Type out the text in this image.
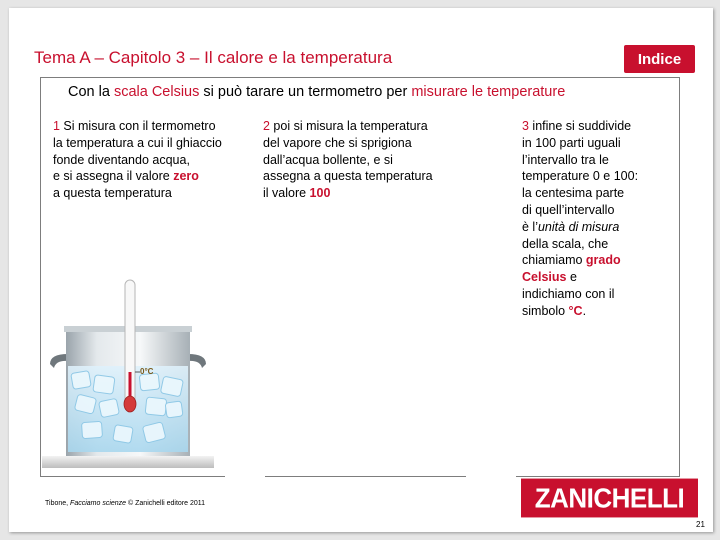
Tema A – Capitolo 3 – Il calore e la temperatura	Indice
Con la scala Celsius si può tarare un termometro per misurare le temperature
1 Si misura con il termometro
la temperatura a cui il ghiaccio
fonde diventando acqua,
e si assegna il valore zero
a questa temperatura
2 poi si misura la temperatura
del vapore che si sprigiona
dall’acqua bollente, e si
assegna a questa temperatura
il valore 100
3 infine si suddivide
in 100 parti uguali
l’intervallo tra le
temperature 0 e 100:
la centesima parte
di quell’intervallo
è l’unità di misura
della scala, che
chiamiamo grado
Celsius e
indichiamo con il
simbolo °C.
0°C
Tibone, Facciamo scienze © Zanichelli editore 2011	ZANICHELLI
21
